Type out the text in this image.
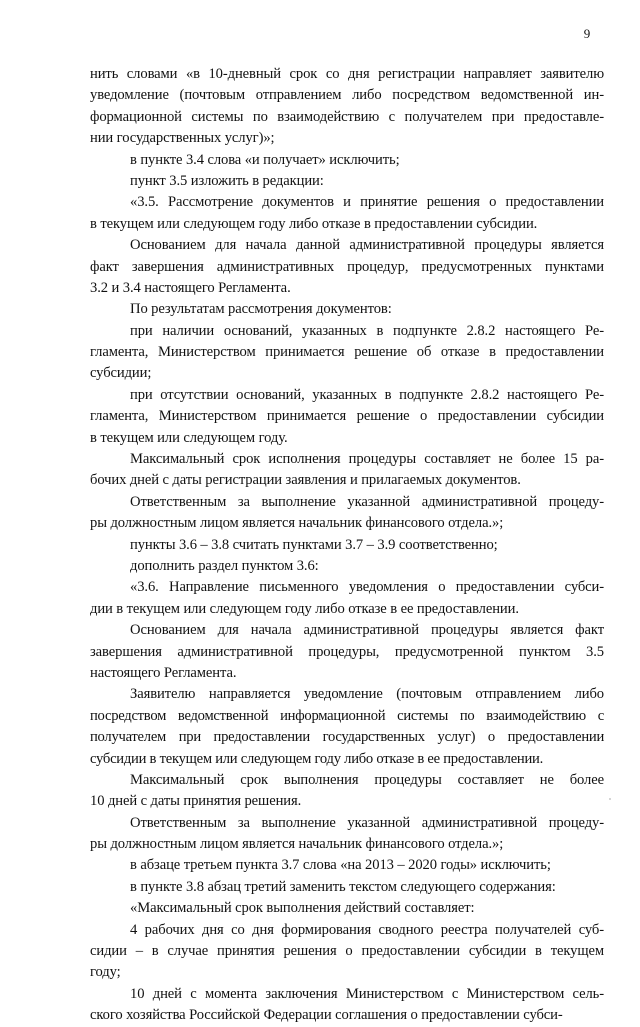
9
нить словами «в 10-дневный срок со дня регистрации направляет заявителю
уведомление (почтовым отправлением либо посредством ведомственной ин-
формационной системы по взаимодействию с получателем при предоставле-
нии государственных услуг)»;
в пункте 3.4 слова «и получает» исключить;
пункт 3.5 изложить в редакции:
«3.5. Рассмотрение документов и принятие решения о предоставлении
в текущем или следующем году либо отказе в предоставлении субсидии.
Основанием для начала данной административной процедуры является
факт завершения административных процедур, предусмотренных пунктами
3.2 и 3.4 настоящего Регламента.
По результатам рассмотрения документов:
при наличии оснований, указанных в подпункте 2.8.2 настоящего Ре-
гламента, Министерством принимается решение об отказе в предоставлении
субсидии;
при отсутствии оснований, указанных в подпункте 2.8.2 настоящего Ре-
гламента, Министерством принимается решение о предоставлении субсидии
в текущем или следующем году.
Максимальный срок исполнения процедуры составляет не более 15 ра-
бочих дней с даты регистрации заявления и прилагаемых документов.
Ответственным за выполнение указанной административной процеду-
ры должностным лицом является начальник финансового отдела.»;
пункты 3.6 – 3.8 считать пунктами 3.7 – 3.9 соответственно;
дополнить раздел пунктом 3.6:
«3.6. Направление письменного уведомления о предоставлении субси-
дии в текущем или следующем году либо отказе в ее предоставлении.
Основанием для начала административной процедуры является факт
завершения административной процедуры, предусмотренной пунктом 3.5
настоящего Регламента.
Заявителю направляется уведомление (почтовым отправлением либо
посредством ведомственной информационной системы по взаимодействию с
получателем при предоставлении государственных услуг) о предоставлении
субсидии в текущем или следующем году либо отказе в ее предоставлении.
Максимальный срок выполнения процедуры составляет не более
10 дней с даты принятия решения.
Ответственным за выполнение указанной административной процеду-
ры должностным лицом является начальник финансового отдела.»;
в абзаце третьем пункта 3.7 слова «на 2013 – 2020 годы» исключить;
в пункте 3.8 абзац третий заменить текстом следующего содержания:
«Максимальный срок выполнения действий составляет:
4 рабочих дня со дня формирования сводного реестра получателей суб-
сидии – в случае принятия решения о предоставлении субсидии в текущем
году;
10 дней с момента заключения Министерством с Министерством сель-
ского хозяйства Российской Федерации соглашения о предоставлении субси-
